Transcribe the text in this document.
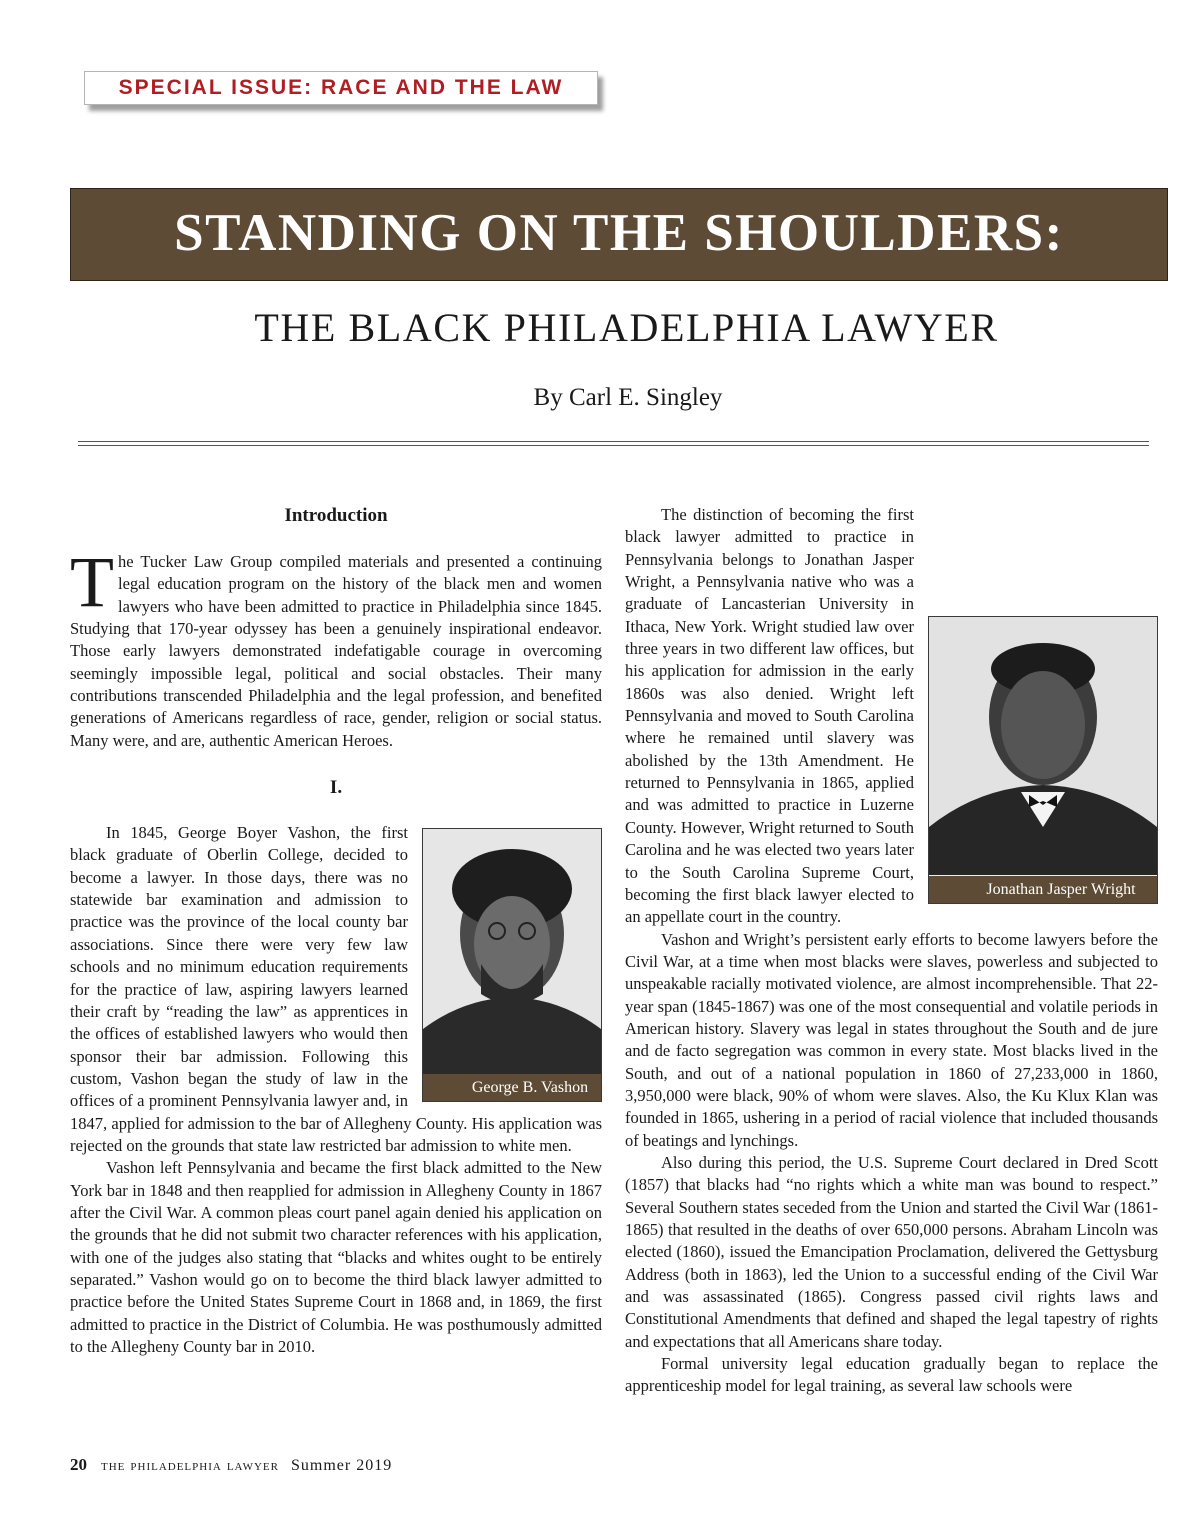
SPECIAL ISSUE: RACE AND THE LAW
STANDING ON THE SHOULDERS:
THE BLACK PHILADELPHIA LAWYER
By Carl E. Singley

Introduction

The Tucker Law Group compiled materials and presented a continuing legal education program on the history of the black men and women lawyers who have been admitted to practice in Philadelphia since 1845. Studying that 170-year odyssey has been a genuinely inspirational endeavor. Those early lawyers demonstrated indefatigable courage in overcoming seemingly impossible legal, political and social obstacles. Their many contributions transcended Philadelphia and the legal profession, and benefited generations of Americans regardless of race, gender, religion or social status. Many were, and are, authentic American Heroes.

I.

George B. Vashon
In 1845, George Boyer Vashon, the first black graduate of Oberlin College, decided to become a lawyer. In those days, there was no statewide bar examination and admission to practice was the province of the local county bar associations. Since there were very few law schools and no minimum education requirements for the practice of law, aspiring lawyers learned their craft by “reading the law” as apprentices in the offices of established lawyers who would then sponsor their bar admission. Following this custom, Vashon began the study of law in the offices of a prominent Pennsylvania lawyer and, in 1847, applied for admission to the bar of Allegheny County. His application was rejected on the grounds that state law restricted bar admission to white men.

Vashon left Pennsylvania and became the first black admitted to the New York bar in 1848 and then reapplied for admission in Allegheny County in 1867 after the Civil War. A common pleas court panel again denied his application on the grounds that he did not submit two character references with his application, with one of the judges also stating that “blacks and whites ought to be entirely separated.” Vashon would go on to become the third black lawyer admitted to practice before the United States Supreme Court in 1868 and, in 1869, the first admitted to practice in the District of Columbia. He was posthumously admitted to the Allegheny County bar in 2010.

Jonathan Jasper Wright
The distinction of becoming the first black lawyer admitted to practice in Pennsylvania belongs to Jonathan Jasper Wright, a Pennsylvania native who was a graduate of Lancasterian University in Ithaca, New York. Wright studied law over three years in two different law offices, but his application for admission in the early 1860s was also denied. Wright left Pennsylvania and moved to South Carolina where he remained until slavery was abolished by the 13th Amendment. He returned to Pennsylvania in 1865, applied and was admitted to practice in Luzerne County. However, Wright returned to South Carolina and he was elected two years later to the South Carolina Supreme Court, becoming the first black lawyer elected to an appellate court in the country.

Vashon and Wright’s persistent early efforts to become lawyers before the Civil War, at a time when most blacks were slaves, powerless and subjected to unspeakable racially motivated violence, are almost incomprehensible. That 22-year span (1845-1867) was one of the most consequential and volatile periods in American history. Slavery was legal in states throughout the South and de jure and de facto segregation was common in every state. Most blacks lived in the South, and out of a national population in 1860 of 27,233,000 in 1860, 3,950,000 were black, 90% of whom were slaves. Also, the Ku Klux Klan was founded in 1865, ushering in a period of racial violence that included thousands of beatings and lynchings.

Also during this period, the U.S. Supreme Court declared in Dred Scott (1857) that blacks had “no rights which a white man was bound to respect.” Several Southern states seceded from the Union and started the Civil War (1861-1865) that resulted in the deaths of over 650,000 persons. Abraham Lincoln was elected (1860), issued the Emancipation Proclamation, delivered the Gettysburg Address (both in 1863), led the Union to a successful ending of the Civil War and was assassinated (1865). Congress passed civil rights laws and Constitutional Amendments that defined and shaped the legal tapestry of rights and expectations that all Americans share today.

Formal university legal education gradually began to replace the apprenticeship model for legal training, as several law schools were

20 the philadelphia lawyer Summer 2019
